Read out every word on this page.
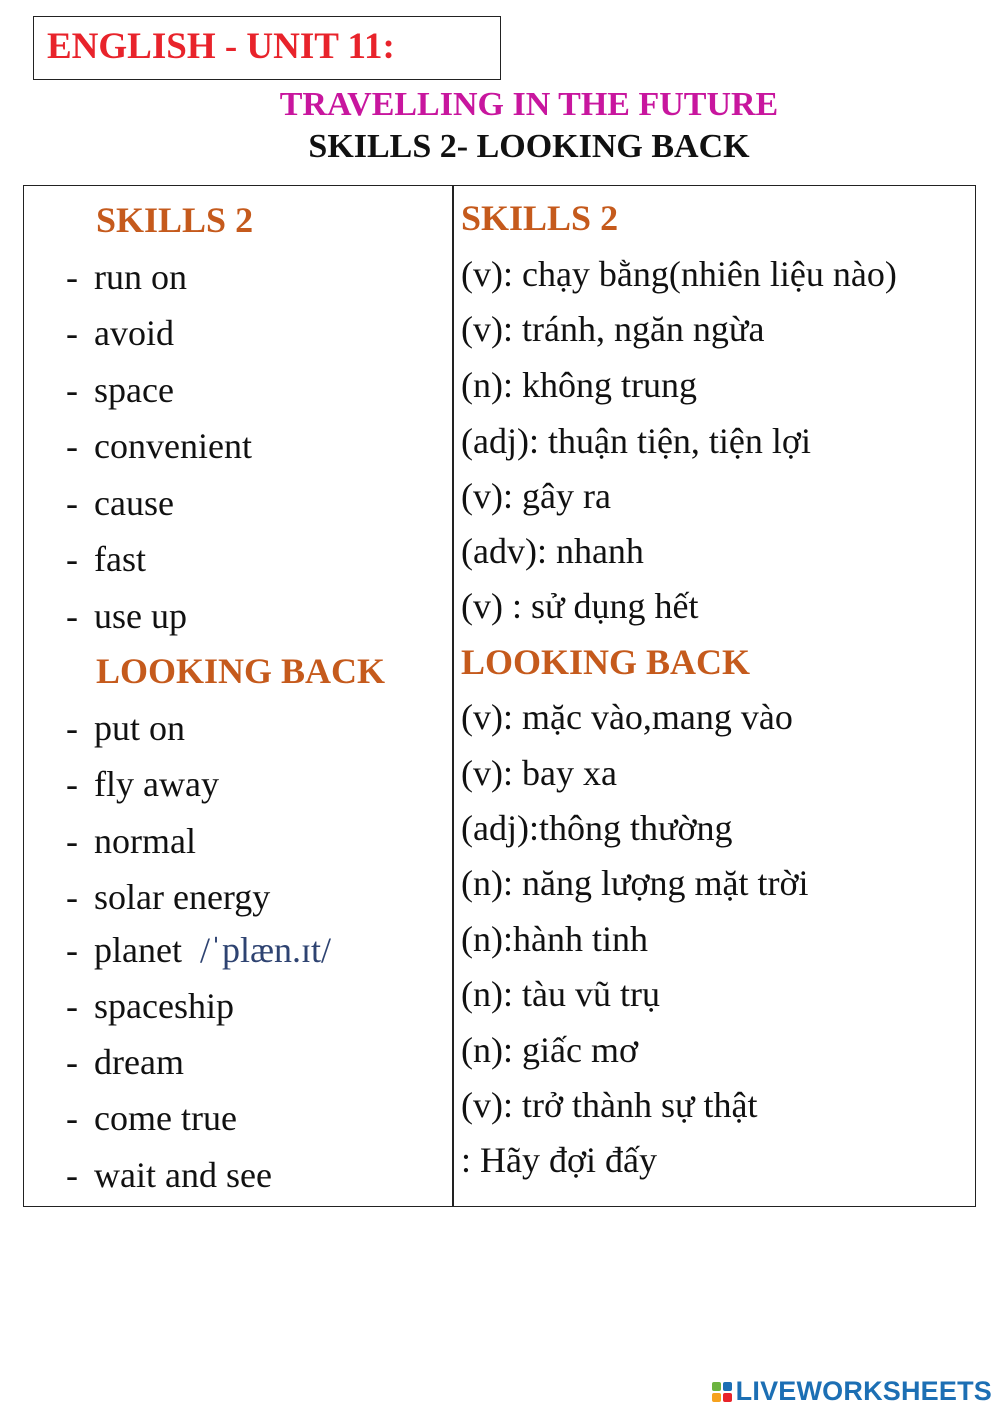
ENGLISH - UNIT 11:
TRAVELLING IN THE FUTURE
SKILLS 2- LOOKING BACK
SKILLS 2
- run on
- avoid
- space
- convenient
- cause
- fast
- use up
LOOKING BACK
- put on
- fly away
- normal
- solar energy
- planet /ˈplæn.ɪt/
- spaceship
- dream
- come true
- wait and see
SKILLS 2
(v): chạy bằng(nhiên liệu nào)
(v): tránh, ngăn ngừa
(n): không trung
(adj): thuận tiện, tiện lợi
(v): gây ra
(adv): nhanh
(v) : sử dụng hết
LOOKING BACK
(v): mặc vào,mang vào
(v): bay xa
(adj):thông thường
(n): năng lượng mặt trời
(n):hành tinh
(n): tàu vũ trụ
(n): giấc mơ
(v): trở thành sự thật
: Hãy đợi đấy
LIVEWORKSHEETS
